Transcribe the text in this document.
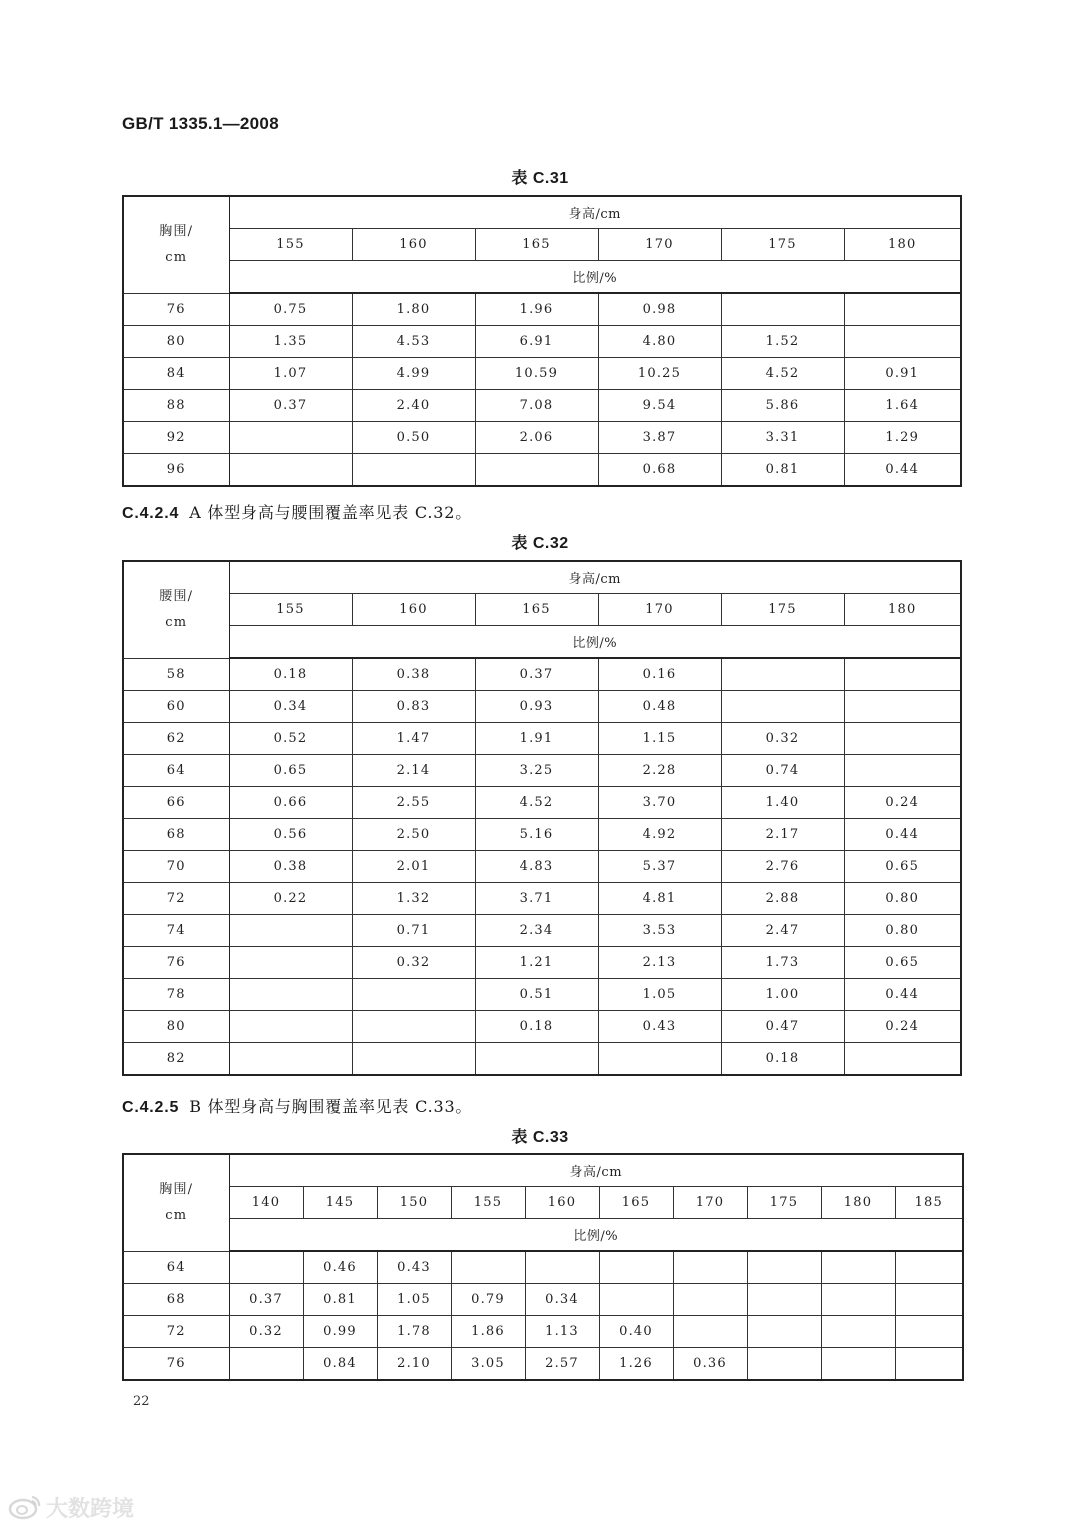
GB/T 1335.1—2008
表 C.31
胸围/
cm	身高/cm					
	155	160	165	170	175	180
	比例/%					
76	0.75	1.80	1.96	0.98		
80	1.35	4.53	6.91	4.80	1.52	
84	1.07	4.99	10.59	10.25	4.52	0.91
88	0.37	2.40	7.08	9.54	5.86	1.64
92		0.50	2.06	3.87	3.31	1.29
96				0.68	0.81	0.44
C.4.2.4 A 体型身高与腰围覆盖率见表 C.32。
表 C.32
腰围/
cm	身高/cm					
	155	160	165	170	175	180
	比例/%					
58	0.18	0.38	0.37	0.16		
60	0.34	0.83	0.93	0.48		
62	0.52	1.47	1.91	1.15	0.32	
64	0.65	2.14	3.25	2.28	0.74	
66	0.66	2.55	4.52	3.70	1.40	0.24
68	0.56	2.50	5.16	4.92	2.17	0.44
70	0.38	2.01	4.83	5.37	2.76	0.65
72	0.22	1.32	3.71	4.81	2.88	0.80
74		0.71	2.34	3.53	2.47	0.80
76		0.32	1.21	2.13	1.73	0.65
78			0.51	1.05	1.00	0.44
80			0.18	0.43	0.47	0.24
82					0.18	
C.4.2.5 B 体型身高与胸围覆盖率见表 C.33。
表 C.33
胸围/
cm	身高/cm									
	140	145	150	155	160	165	170	175	180	185
	比例/%									
64		0.46	0.43							
68	0.37	0.81	1.05	0.79	0.34					
72	0.32	0.99	1.78	1.86	1.13	0.40				
76		0.84	2.10	3.05	2.57	1.26	0.36			
22
大数跨境
